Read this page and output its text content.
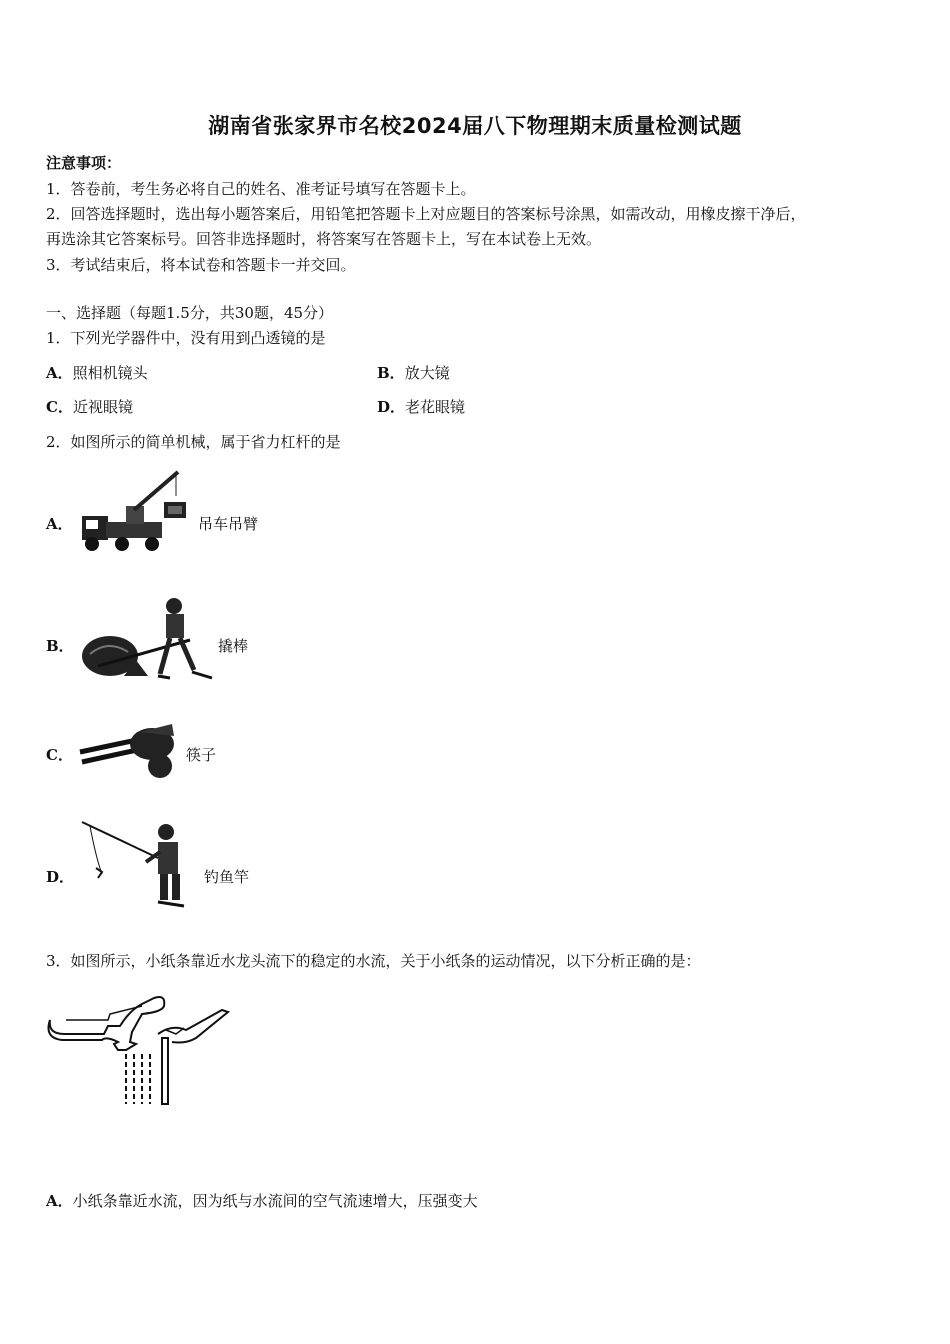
湖南省张家界市名校2024届八下物理期末质量检测试题
注意事项：
1．答卷前，考生务必将自己的姓名、准考证号填写在答题卡上。
2．回答选择题时，选出每小题答案后，用铅笔把答题卡上对应题目的答案标号涂黑，如需改动，用橡皮擦干净后，
再选涂其它答案标号。回答非选择题时，将答案写在答题卡上，写在本试卷上无效。
3．考试结束后，将本试卷和答题卡一并交回。
一、选择题（每题1.5分，共30题，45分）
1．下列光学器件中，没有用到凸透镜的是
A．照相机镜头	B．放大镜
C．近视眼镜	D．老花眼镜
2．如图所示的简单机械，属于省力杠杆的是
A．	吊车吊臂
B．	撬棒
C．	筷子
D．	钓鱼竿
3．如图所示，小纸条靠近水龙头流下的稳定的水流，关于小纸条的运动情况，以下分析正确的是：
A．小纸条靠近水流，因为纸与水流间的空气流速增大，压强变大
